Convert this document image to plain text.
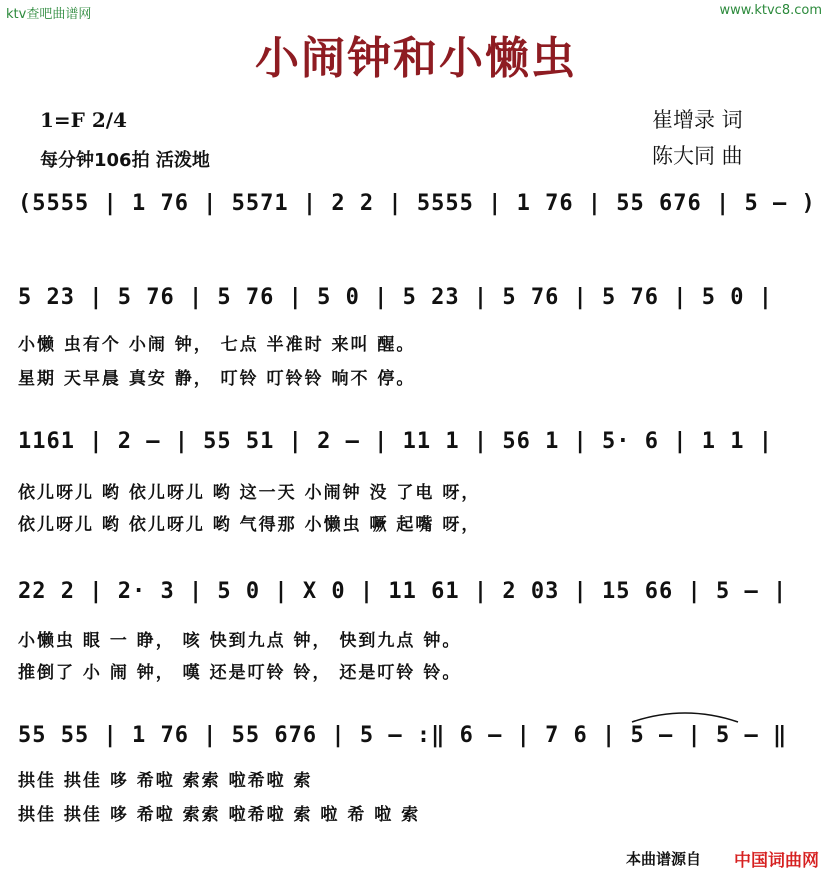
ktv查吧曲谱网	www.ktvc8.com
小闹钟和小懒虫
1=F 2/4
每分钟106拍 活泼地
崔增录 词
陈大同 曲
(5555 | 1 76 | 5571 | 2 2 | 5555 | 1 76 | 55 676 | 5 — )
5 23 | 5 76 | 5 76 | 5 0 | 5 23 | 5 76 | 5 76 | 5 0 |
小懒 虫有个 小闹 钟， 七点 半准时 来叫 醒。
星期 天早晨 真安 静， 叮铃 叮铃铃 响不 停。
1161 | 2 — | 55 51 | 2 — | 11 1 | 56 1 | 5· 6 | 1 1 |
依儿呀儿 哟 依儿呀儿 哟 这一天 小闹钟 没 了电 呀，
依儿呀儿 哟 依儿呀儿 哟 气得那 小懒虫 噘 起嘴 呀，
22 2 | 2· 3 | 5 0 | X 0 | 11 61 | 2 03 | 15 66 | 5 — |
小懒虫 眼 一 睁， 咳 快到九点 钟， 快到九点 钟。
推倒了 小 闹 钟， 嘆 还是叮铃 铃， 还是叮铃 铃。
55 55 | 1 76 | 55 676 | 5 — :‖ 6 — | 7 6 | 5 — | 5 — ‖
拱佳 拱佳 哆 希啦 索索 啦希啦 索
拱佳 拱佳 哆 希啦 索索 啦希啦 索 啦 希 啦 索
本曲谱源自 中国词曲网
